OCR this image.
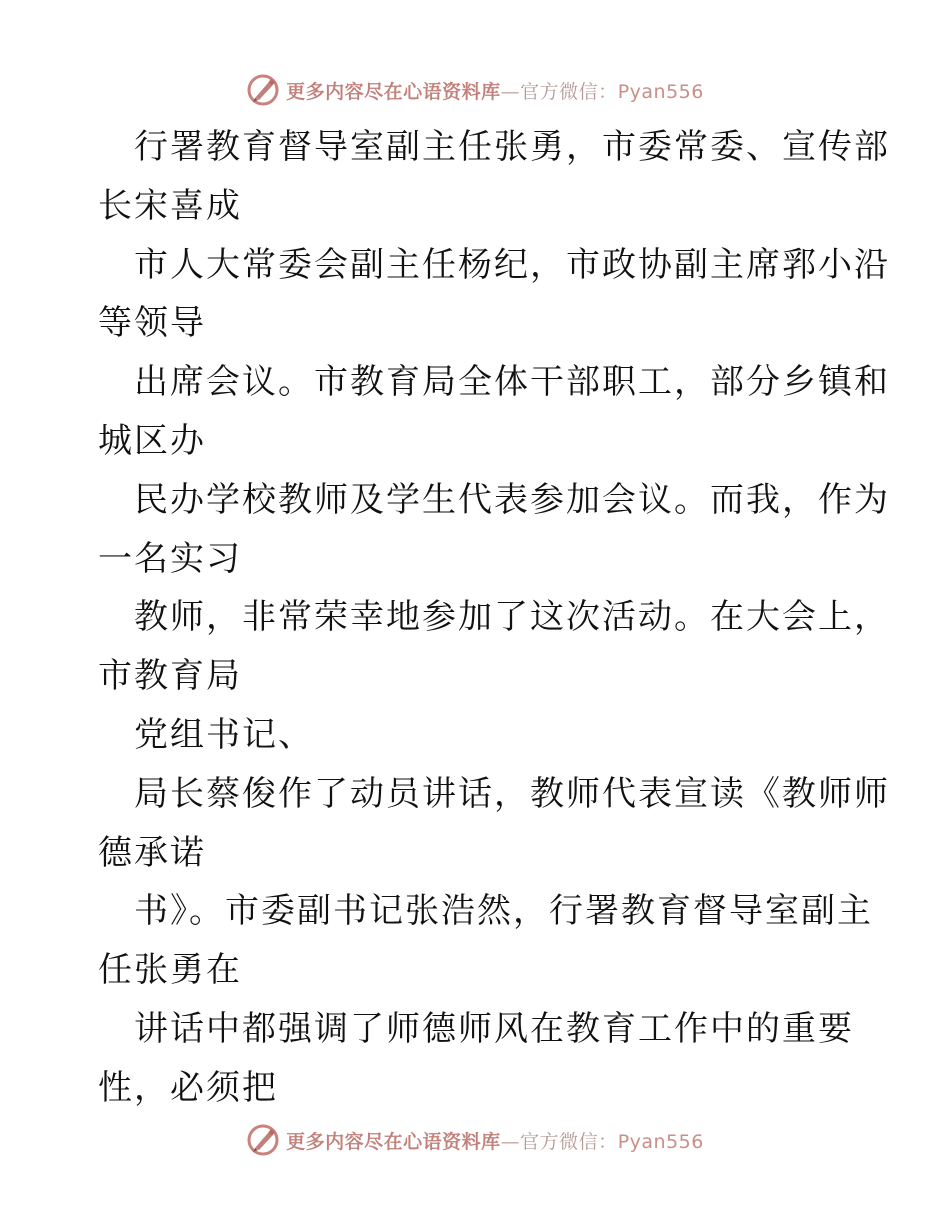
更多内容尽在心语资料库—官方微信：Pyan556
行署教育督导室副主任张勇，市委常委、宣传部
长宋喜成
市人大常委会副主任杨纪，市政协副主席郛小沿
等领导
出席会议。市教育局全体干部职工，部分乡镇和
城区办
民办学校教师及学生代表参加会议。而我，作为
一名实习
教师，非常荣幸地参加了这次活动。在大会上，
市教育局
党组书记、
局长蔡俊作了动员讲话，教师代表宣读《教师师
德承诺
书》。市委副书记张浩然，行署教育督导室副主
任张勇在
讲话中都强调了师德师风在教育工作中的重要
性，必须把
更多内容尽在心语资料库—官方微信：Pyan556
